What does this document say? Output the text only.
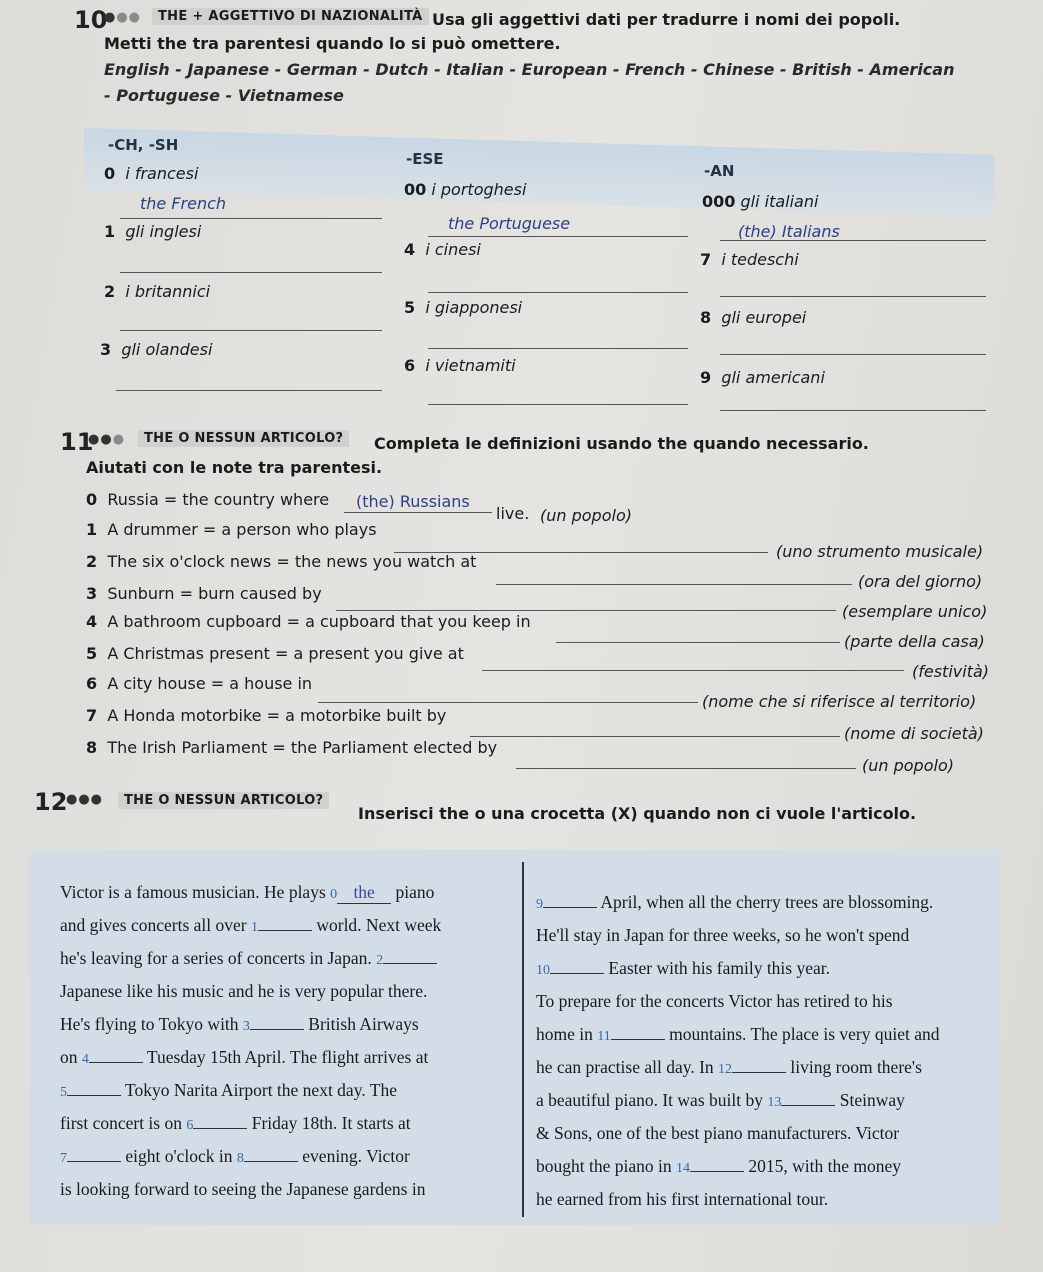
10
●●●	THE + AGGETTIVO DI NAZIONALITÀ Usa gli aggettivi dati per tradurre i nomi dei popoli.
Metti the tra parentesi quando lo si può omettere.
English - Japanese - German - Dutch - Italian - European - French - Chinese - British - American
- Portuguese - Vietnamese
-CH, -SH
-ESE
-AN
0 i francesi
the French
1 gli inglesi
2 i britannici
3 gli olandesi
00 i portoghesi
the Portuguese
4 i cinesi
5 i giapponesi
6 i vietnamiti
000 gli italiani
(the) Italians
7 i tedeschi
8 gli europei
9 gli americani
11
●●●	THE O NESSUN ARTICOLO?	Completa le definizioni usando the quando necessario.
Aiutati con le note tra parentesi.
0 Russia = the country where (the) Russians
live. (un popolo)
1 A drummer = a person who plays
(uno strumento musicale)
2 The six o'clock news = the news you watch at
(ora del giorno)
3 Sunburn = burn caused by
(esemplare unico)
4 A bathroom cupboard = a cupboard that you keep in
(parte della casa)
5 A Christmas present = a present you give at
(festività)
6 A city house = a house in
(nome che si riferisce al territorio)
7 A Honda motorbike = a motorbike built by
(nome di società)
8 The Irish Parliament = the Parliament elected by
(un popolo)
12
●●●	THE O NESSUN ARTICOLO?
Inserisci the o una crocetta (X) quando non ci vuole l'articolo.
Victor is a famous musician. He plays 0 the piano
and gives concerts all over 1	world. Next week
he's leaving for a series of concerts in Japan. 2
Japanese like his music and he is very popular there.
He's flying to Tokyo with 3	British Airways
on 4	Tuesday 15th April. The flight arrives at
5	Tokyo Narita Airport the next day. The
first concert is on 6	Friday 18th. It starts at
7	eight o'clock in 8	evening. Victor
is looking forward to seeing the Japanese gardens in
9	April, when all the cherry trees are blossoming.
He'll stay in Japan for three weeks, so he won't spend
10	Easter with his family this year.
To prepare for the concerts Victor has retired to his
home in 11	mountains. The place is very quiet and
he can practise all day. In 12	living room there's
a beautiful piano. It was built by 13	Steinway
& Sons, one of the best piano manufacturers. Victor
bought the piano in 14	2015, with the money
he earned from his first international tour.
